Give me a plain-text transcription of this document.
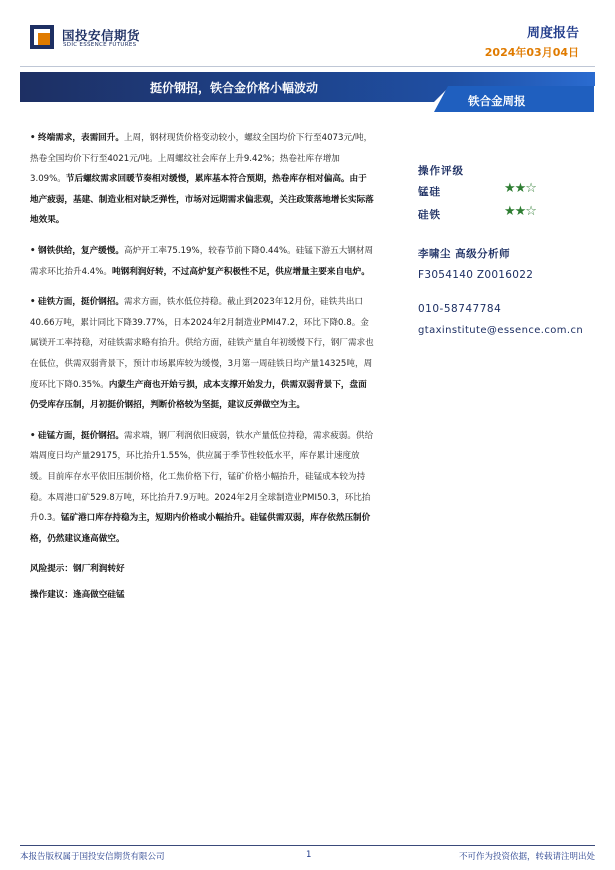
国投安信期货
SDIC ESSENCE FUTURES
周度报告
2024年03月04日
挺价钢招，铁合金价格小幅波动
铁合金周报

• 终端需求，表需回升。上周，钢材现货价格变动较小，螺纹全国均价下行至4073元/吨，热卷全国均价下行至4021元/吨。上周螺纹社会库存上升9.42%；热卷社库存增加3.09%。节后螺纹需求回暖节奏相对缓慢，累库基本符合预期，热卷库存相对偏高。由于地产疲弱，基建、制造业相对缺乏弹性，市场对远期需求偏悲观，关注政策落地增长实际落地效果。

• 钢铁供给，复产缓慢。高炉开工率75.19%，较春节前下降0.44%。硅锰下游五大钢材周需求环比抬升4.4%。吨钢利润好转，不过高炉复产积极性不足，供应增量主要来自电炉。

• 硅铁方面，挺价钢招。需求方面，铁水低位持稳。截止到2023年12月份，硅铁共出口40.66万吨，累计同比下降39.77%，日本2024年2月制造业PMI47.2，环比下降0.8。金属镁开工率持稳，对硅铁需求略有抬升。供给方面，硅铁产量自年初缓慢下行，钢厂需求也在低位，供需双弱背景下，预计市场累库较为缓慢，3月第一周硅铁日均产量14325吨，周度环比下降0.35%。内蒙生产商也开始亏损，成本支撑开始发力，供需双弱背景下，盘面仍受库存压制，月初挺价钢招，判断价格较为坚挺，建议反弹做空为主。

• 硅锰方面，挺价钢招。需求端，钢厂利润依旧疲弱，铁水产量低位持稳，需求疲弱。供给端周度日均产量29175，环比抬升1.55%，供应属于季节性较低水平，库存累计速度放缓。目前库存水平依旧压制价格，化工焦价格下行，锰矿价格小幅抬升，硅锰成本较为持稳。本周港口矿529.8万吨，环比抬升7.9万吨。2024年2月全球制造业PMI50.3，环比抬升0.3。锰矿港口库存持稳为主，短期内价格或小幅抬升。硅锰供需双弱，库存依然压制价格，仍然建议逢高做空。

风险提示：钢厂利润转好
操作建议：逢高做空硅锰
操作评级
锰硅	★★☆
硅铁	★★☆
李啸尘 高级分析师
F3054140 Z0016022
010-58747784
gtaxinstitute@essence.com.cn
本报告版权属于国投安信期货有限公司	1	不可作为投资依据，转载请注明出处
